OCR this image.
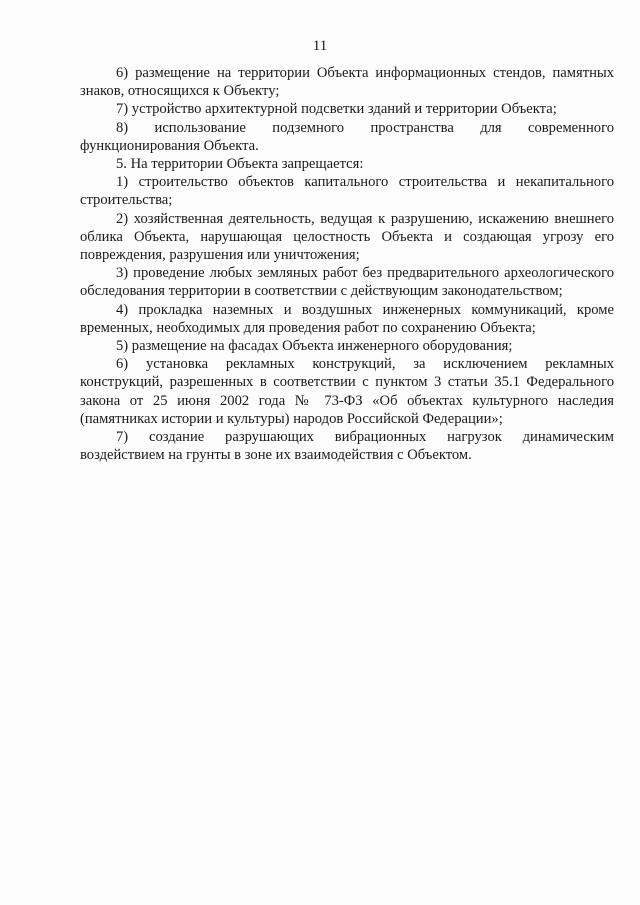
11

6) размещение на территории Объекта информационных стендов, памятных знаков, относящихся к Объекту;

7) устройство архитектурной подсветки зданий и территории Объекта;

8) использование подземного пространства для современного функционирования Объекта.

5. На территории Объекта запрещается:

1) строительство объектов капитального строительства и некапитального строительства;

2) хозяйственная деятельность, ведущая к разрушению, искажению внешнего облика Объекта, нарушающая целостность Объекта и создающая угрозу его повреждения, разрушения или уничтожения;

3) проведение любых земляных работ без предварительного археологического обследования территории в соответствии с действующим законодательством;

4) прокладка наземных и воздушных инженерных коммуникаций, кроме временных, необходимых для проведения работ по сохранению Объекта;

5) размещение на фасадах Объекта инженерного оборудования;

6) установка рекламных конструкций, за исключением рекламных конструкций, разрешенных в соответствии с пунктом 3 статьи 35.1 Федерального закона от 25 июня 2002 года № 73-ФЗ «Об объектах культурного наследия (памятниках истории и культуры) народов Российской Федерации»;

7) создание разрушающих вибрационных нагрузок динамическим воздействием на грунты в зоне их взаимодействия с Объектом.
